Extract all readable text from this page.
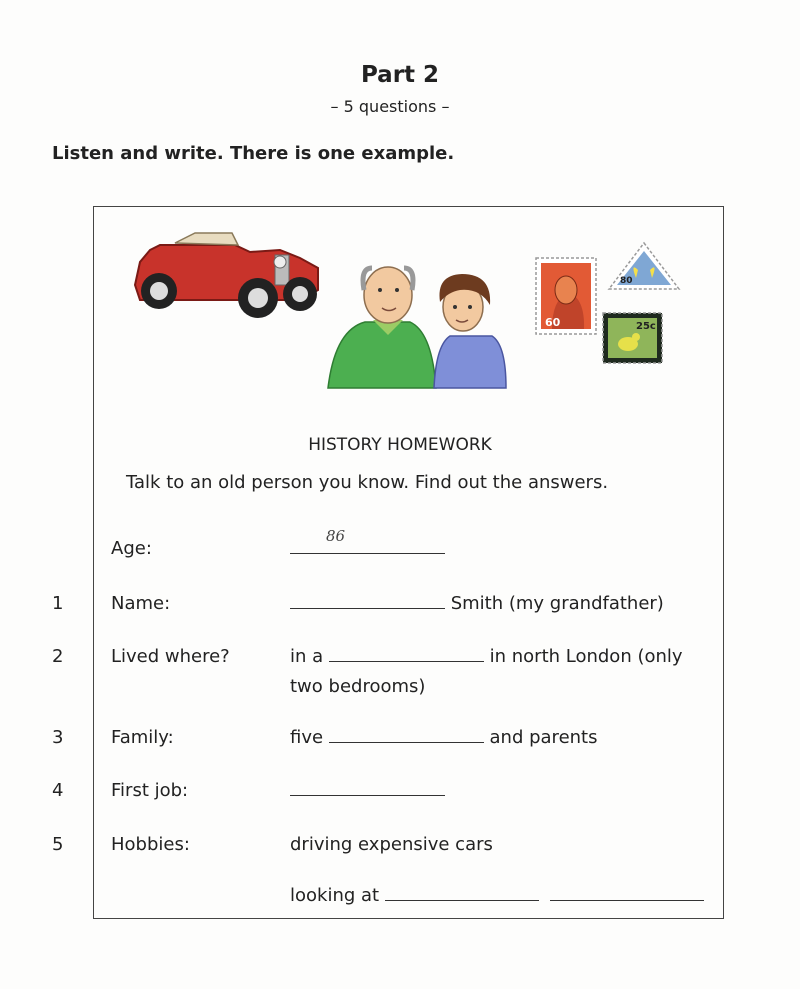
Part 2
– 5 questions –
Listen and write. There is one example.
60
80
25c
HISTORY HOMEWORK
Talk to an old person you know. Find out the answers.
Age:
86
1	Name:	Smith (my grandfather)
2	Lived where?	in a	in north London (only
two bedrooms)
3	Family:	five	and parents
4	First job:
5	Hobbies:	driving expensive cars
looking at
